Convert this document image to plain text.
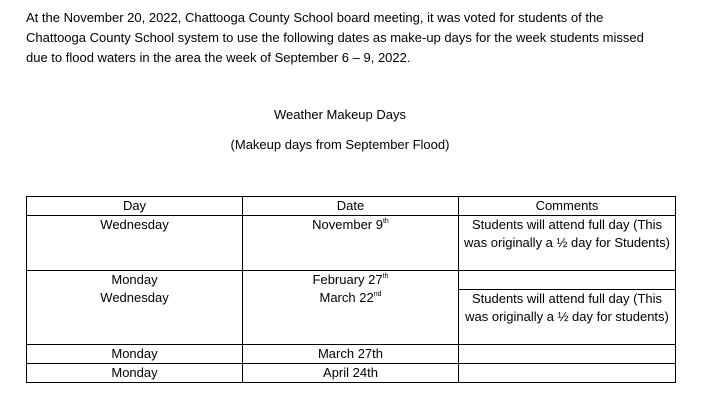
At the November 20, 2022, Chattooga County School board meeting, it was voted for students of the Chattooga County School system to use the following dates as make-up days for the week students missed due to flood waters in the area the week of September 6 – 9, 2022.
Weather Makeup Days
(Makeup days from September Flood)
Day	Date	Comments
Wednesday	November 9th	Students will attend full day (This was originally a ½ day for Students)
Monday	February 27th	
Wednesday	March 22nd	Students will attend full day (This was originally a ½ day for students)
Monday	March 27th	
Monday	April 24th	
